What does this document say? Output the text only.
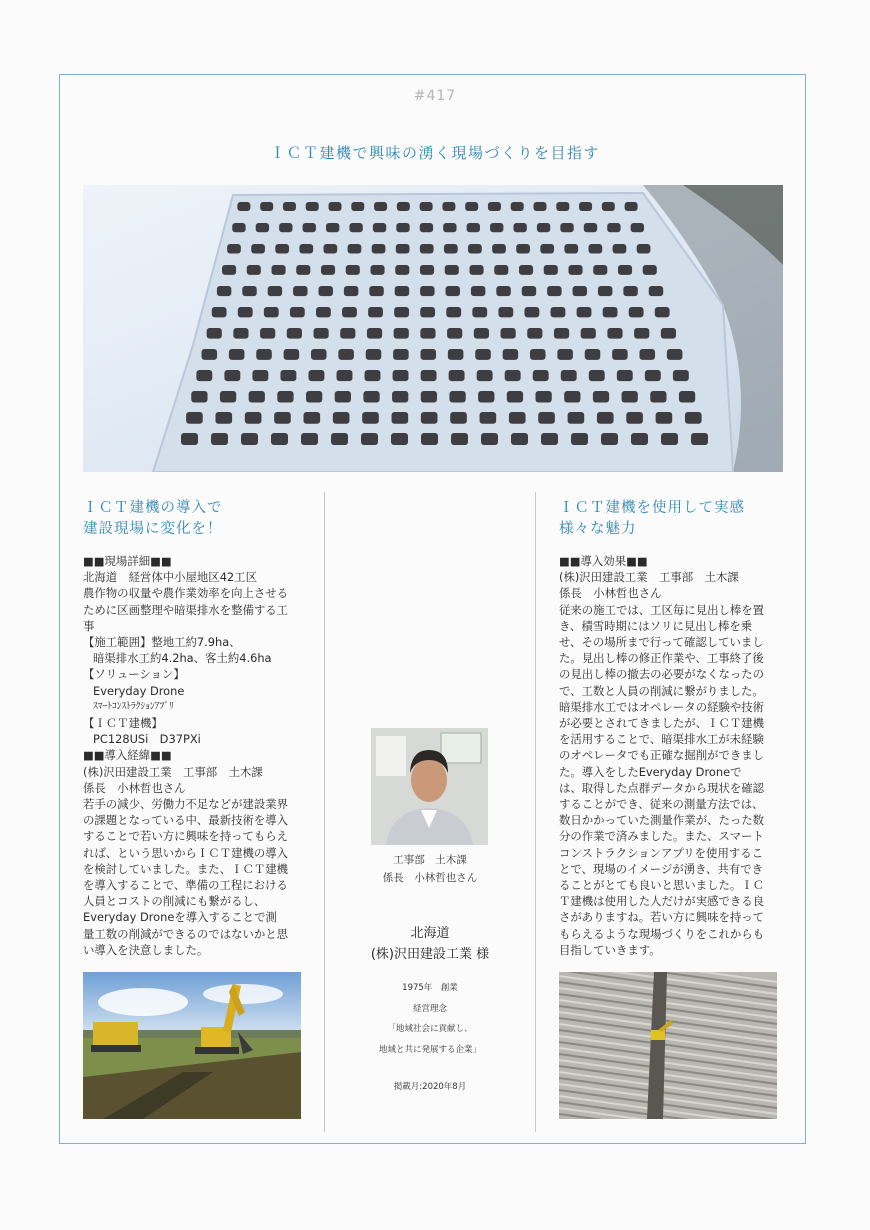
#417
ＩＣＴ建機で興味の湧く現場づくりを目指す
ＩＣＴ建機の導入で
建設現場に変化を！
■■現場詳細■■
北海道　経営体中小屋地区42工区
農作物の収量や農作業効率を向上させる
ために区画整理や暗渠排水を整備する工
事
【施工範囲】整地工約7.9ha、
暗渠排水工約4.2ha、客土約4.6ha
【ソリューション】
Everyday Drone
ｽﾏｰﾄｺﾝｽﾄﾗｸｼｮﾝｱﾌﾟﾘ
【ＩＣＴ建機】
PC128USi　D37PXi
■■導入経緯■■
(株)沢田建設工業　工事部　土木課
係長　小林哲也さん
若手の減少、労働力不足などが建設業界
の課題となっている中、最新技術を導入
することで若い方に興味を持ってもらえ
れば、という思いからＩＣＴ建機の導入
を検討していました。また、ＩＣＴ建機
を導入することで、準備の工程における
人員とコストの削減にも繋がるし、
Everyday Droneを導入することで測
量工数の削減ができるのではないかと思
い導入を決意しました。
工事部　土木課
係長　小林哲也さん
北海道
(株)沢田建設工業 様
1975年　創業
経営理念
「地域社会に貢献し、
地域と共に発展する企業」
掲載月:2020年8月
ＩＣＴ建機を使用して実感
様々な魅力
■■導入効果■■
(株)沢田建設工業　工事部　土木課
係長　小林哲也さん
従来の施工では、工区毎に見出し棒を置
き、積雪時期にはソリに見出し棒を乗
せ、その場所まで行って確認していまし
た。見出し棒の修正作業や、工事終了後
の見出し棒の撤去の必要がなくなったの
で、工数と人員の削減に繋がりました。
暗渠排水工ではオペレータの経験や技術
が必要とされてきましたが、ＩＣＴ建機
を活用することで、暗渠排水工が未経験
のオペレータでも正確な掘削ができまし
た。導入をしたEveryday Droneで
は、取得した点群データから現状を確認
することができ、従来の測量方法では、
数日かかっていた測量作業が、たった数
分の作業で済みました。また、スマート
コンストラクションアプリを使用するこ
とで、現場のイメージが湧き、共有でき
ることがとても良いと思いました。ＩＣ
Ｔ建機は使用した人だけが実感できる良
さがありますね。若い方に興味を持って
もらえるような現場づくりをこれからも
目指していきます。
